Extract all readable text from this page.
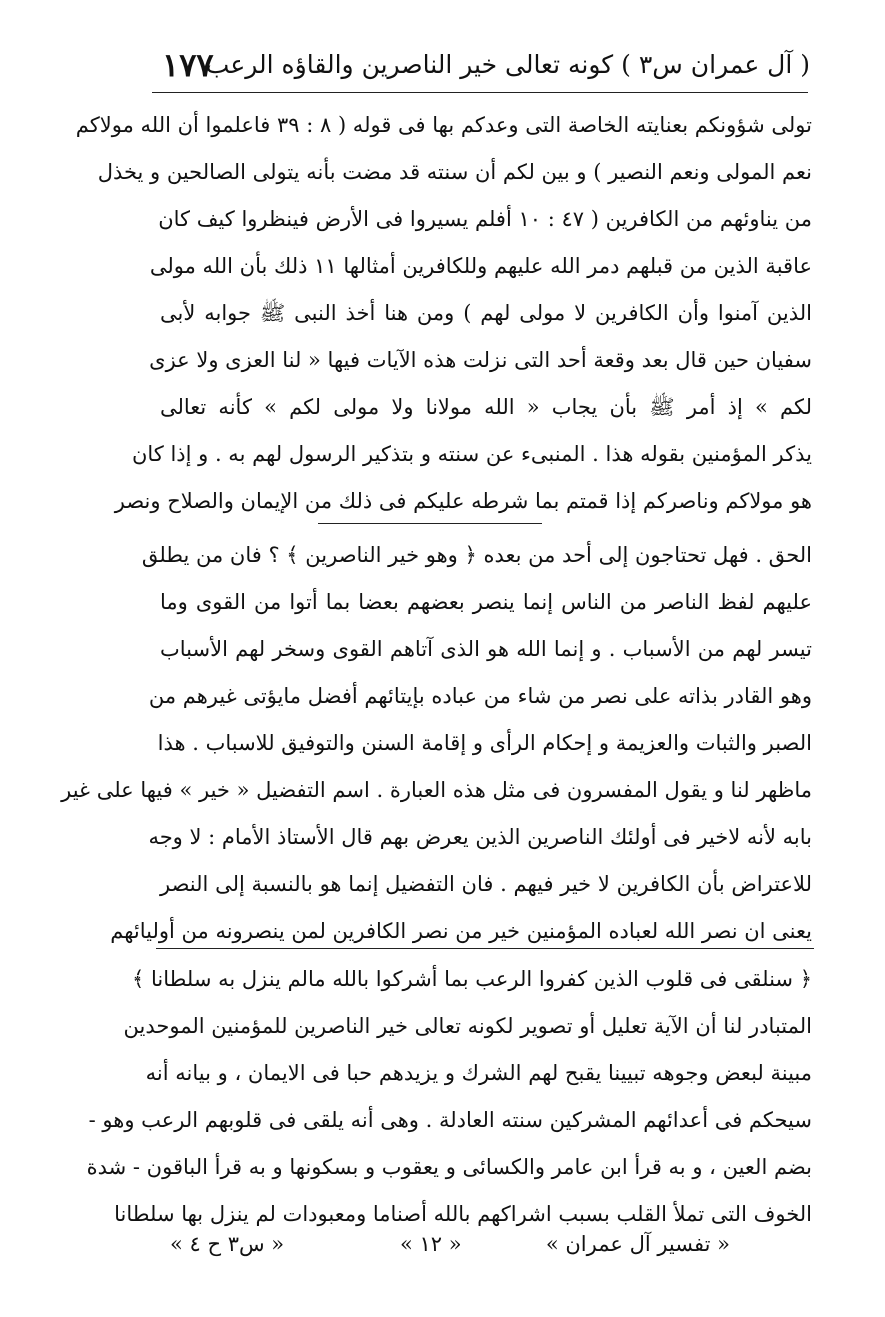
( آل عمران س٣ ) كونه تعالى خير الناصرين والقاؤه الرعب
١٧٧
تولى شؤونكم بعنايته الخاصة التى وعدكم بها فى قوله ( ٨ : ٣٩ فاعلموا أن الله مولاكم
نعم المولى ونعم النصير ) و بين لكم أن سنته قد مضت بأنه يتولى الصالحين و يخذل
من يناوئهم من الكافرين ( ٤٧ : ١٠ أفلم يسيروا فى الأرض فينظروا كيف كان
عاقبة الذين من قبلهم دمر الله عليهم وللكافرين أمثالها ١١ ذلك بأن الله مولى
الذين آمنوا وأن الكافرين لا مولى لهم ) ومن هنا أخذ النبى ﷺ جوابه لأبى
سفيان حين قال بعد وقعة أحد التى نزلت هذه الآيات فيها « لنا العزى ولا عزى
لكم » إذ أمر ﷺ بأن يجاب « الله مولانا ولا مولى لكم » كأنه تعالى
يذكر المؤمنين بقوله هذا . المنبىء عن سنته و بتذكير الرسول لهم به . و إذا كان
هو مولاكم وناصركم إذا قمتم بما شرطه عليكم فى ذلك من الإيمان والصلاح ونصر
الحق . فهل تحتاجون إلى أحد من بعده ﴿ وهو خير الناصرين ﴾ ؟ فان من يطلق
عليهم لفظ الناصر من الناس إنما ينصر بعضهم بعضا بما أتوا من القوى وما
تيسر لهم من الأسباب . و إنما الله هو الذى آتاهم القوى وسخر لهم الأسباب
وهو القادر بذاته على نصر من شاء من عباده بإيتائهم أفضل مايؤتى غيرهم من
الصبر والثبات والعزيمة و إحكام الرأى و إقامة السنن والتوفيق للاسباب . هذا
ماظهر لنا و يقول المفسرون فى مثل هذه العبارة . اسم التفضيل « خير » فيها على غير
بابه لأنه لاخير فى أولئك الناصرين الذين يعرض بهم قال الأستاذ الأمام : لا وجه
للاعتراض بأن الكافرين لا خير فيهم . فان التفضيل إنما هو بالنسبة إلى النصر
يعنى ان نصر الله لعباده المؤمنين خير من نصر الكافرين لمن ينصرونه من أوليائهم
﴿ سنلقى فى قلوب الذين كفروا الرعب بما أشركوا بالله مالم ينزل به سلطانا ﴾
المتبادر لنا أن الآية تعليل أو تصوير لكونه تعالى خير الناصرين للمؤمنين الموحدين
مبينة لبعض وجوهه تبيينا يقبح لهم الشرك و يزيدهم حبا فى الايمان ، و بيانه أنه
سيحكم فى أعدائهم المشركين سنته العادلة . وهى أنه يلقى فى قلوبهم الرعب وهو -
بضم العين ، و به قرأ ابن عامر والكسائى و يعقوب و بسكونها و به قرأ الباقون - شدة
الخوف التى تملأ القلب بسبب اشراكهم بالله أصناما ومعبودات لم ينزل بها سلطانا
« تفسير آل عمران »
« ١٢ »
« س٣ ح ٤ »
